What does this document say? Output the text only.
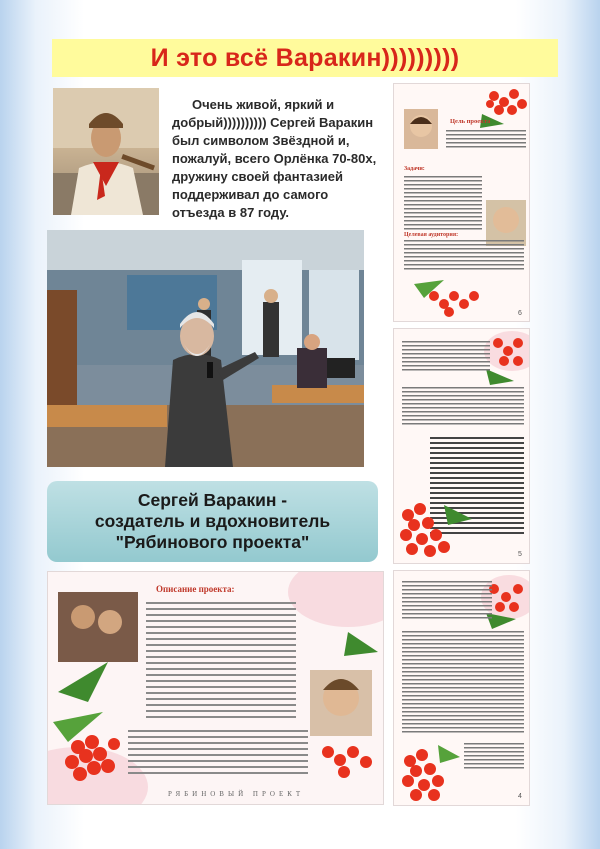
И это всё Варакин)))))))))
Очень живой, яркий и добрый)))))))))) Сергей Варакин был символом Звёздной и, пожалуй, всего Орлёнка 70-80х, дружину своей фантазией поддерживал до самого отъезда в 87 году.
Сергей Варакин -
создатель и вдохновитель
"Рябинового проекта"
Описание проекта:
РЯБИНОВЫЙ ПРОЕКТ
Цель проекта
Задачи:
Целевая аудитория:
6
5
4
